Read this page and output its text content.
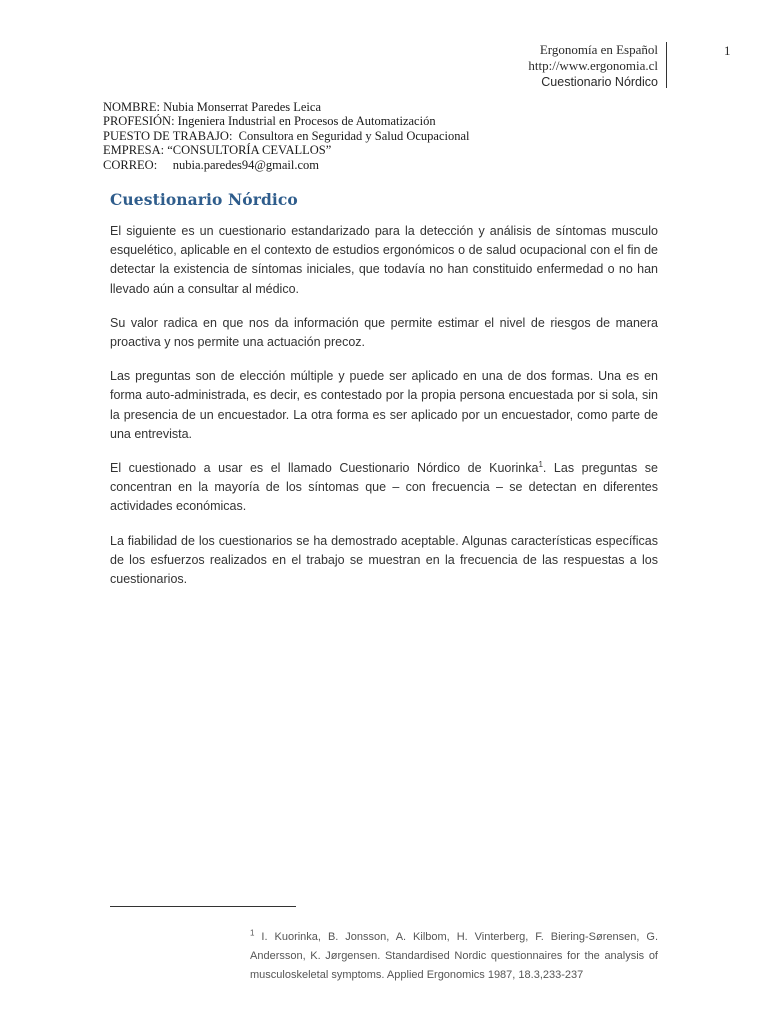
Ergonomía en Español
http://www.ergonomia.cl
Cuestionario Nórdico
1
NOMBRE: Nubia Monserrat Paredes Leica
PROFESIÓN: Ingeniera Industrial en Procesos de Automatización
PUESTO DE TRABAJO:  Consultora en Seguridad y Salud Ocupacional
EMPRESA: “CONSULTORÍA CEVALLOS”
CORREO:     nubia.paredes94@gmail.com
Cuestionario Nórdico

El siguiente es un cuestionario estandarizado para la detección y análisis de síntomas musculo esquelético, aplicable en el contexto de estudios ergonómicos o de salud ocupacional con el fin de detectar la existencia de síntomas iniciales, que todavía no han constituido enfermedad o no han llevado aún a consultar al médico.

Su valor radica en que nos da información que permite estimar el nivel de riesgos de manera proactiva y nos permite una actuación precoz.

Las preguntas son de elección múltiple y puede ser aplicado en una de dos formas. Una es en forma auto-administrada, es decir, es contestado por la propia persona encuestada por si sola, sin la presencia de un encuestador. La otra forma es ser aplicado por un encuestador, como parte de una entrevista.

El cuestionado a usar es el llamado Cuestionario Nórdico de Kuorinka$^1$. Las preguntas se concentran en la mayoría de los síntomas que – con frecuencia – se detectan en diferentes actividades económicas.

La fiabilidad de los cuestionarios se ha demostrado aceptable. Algunas características específicas de los esfuerzos realizados en el trabajo se muestran en la frecuencia de las respuestas a los cuestionarios.

$^1$ I. Kuorinka, B. Jonsson, A. Kilbom, H. Vinterberg, F. Biering-Sørensen, G. Andersson, K. Jørgensen. Standardised Nordic questionnaires for the analysis of musculoskeletal symptoms. Applied Ergonomics 1987, 18.3,233-237
